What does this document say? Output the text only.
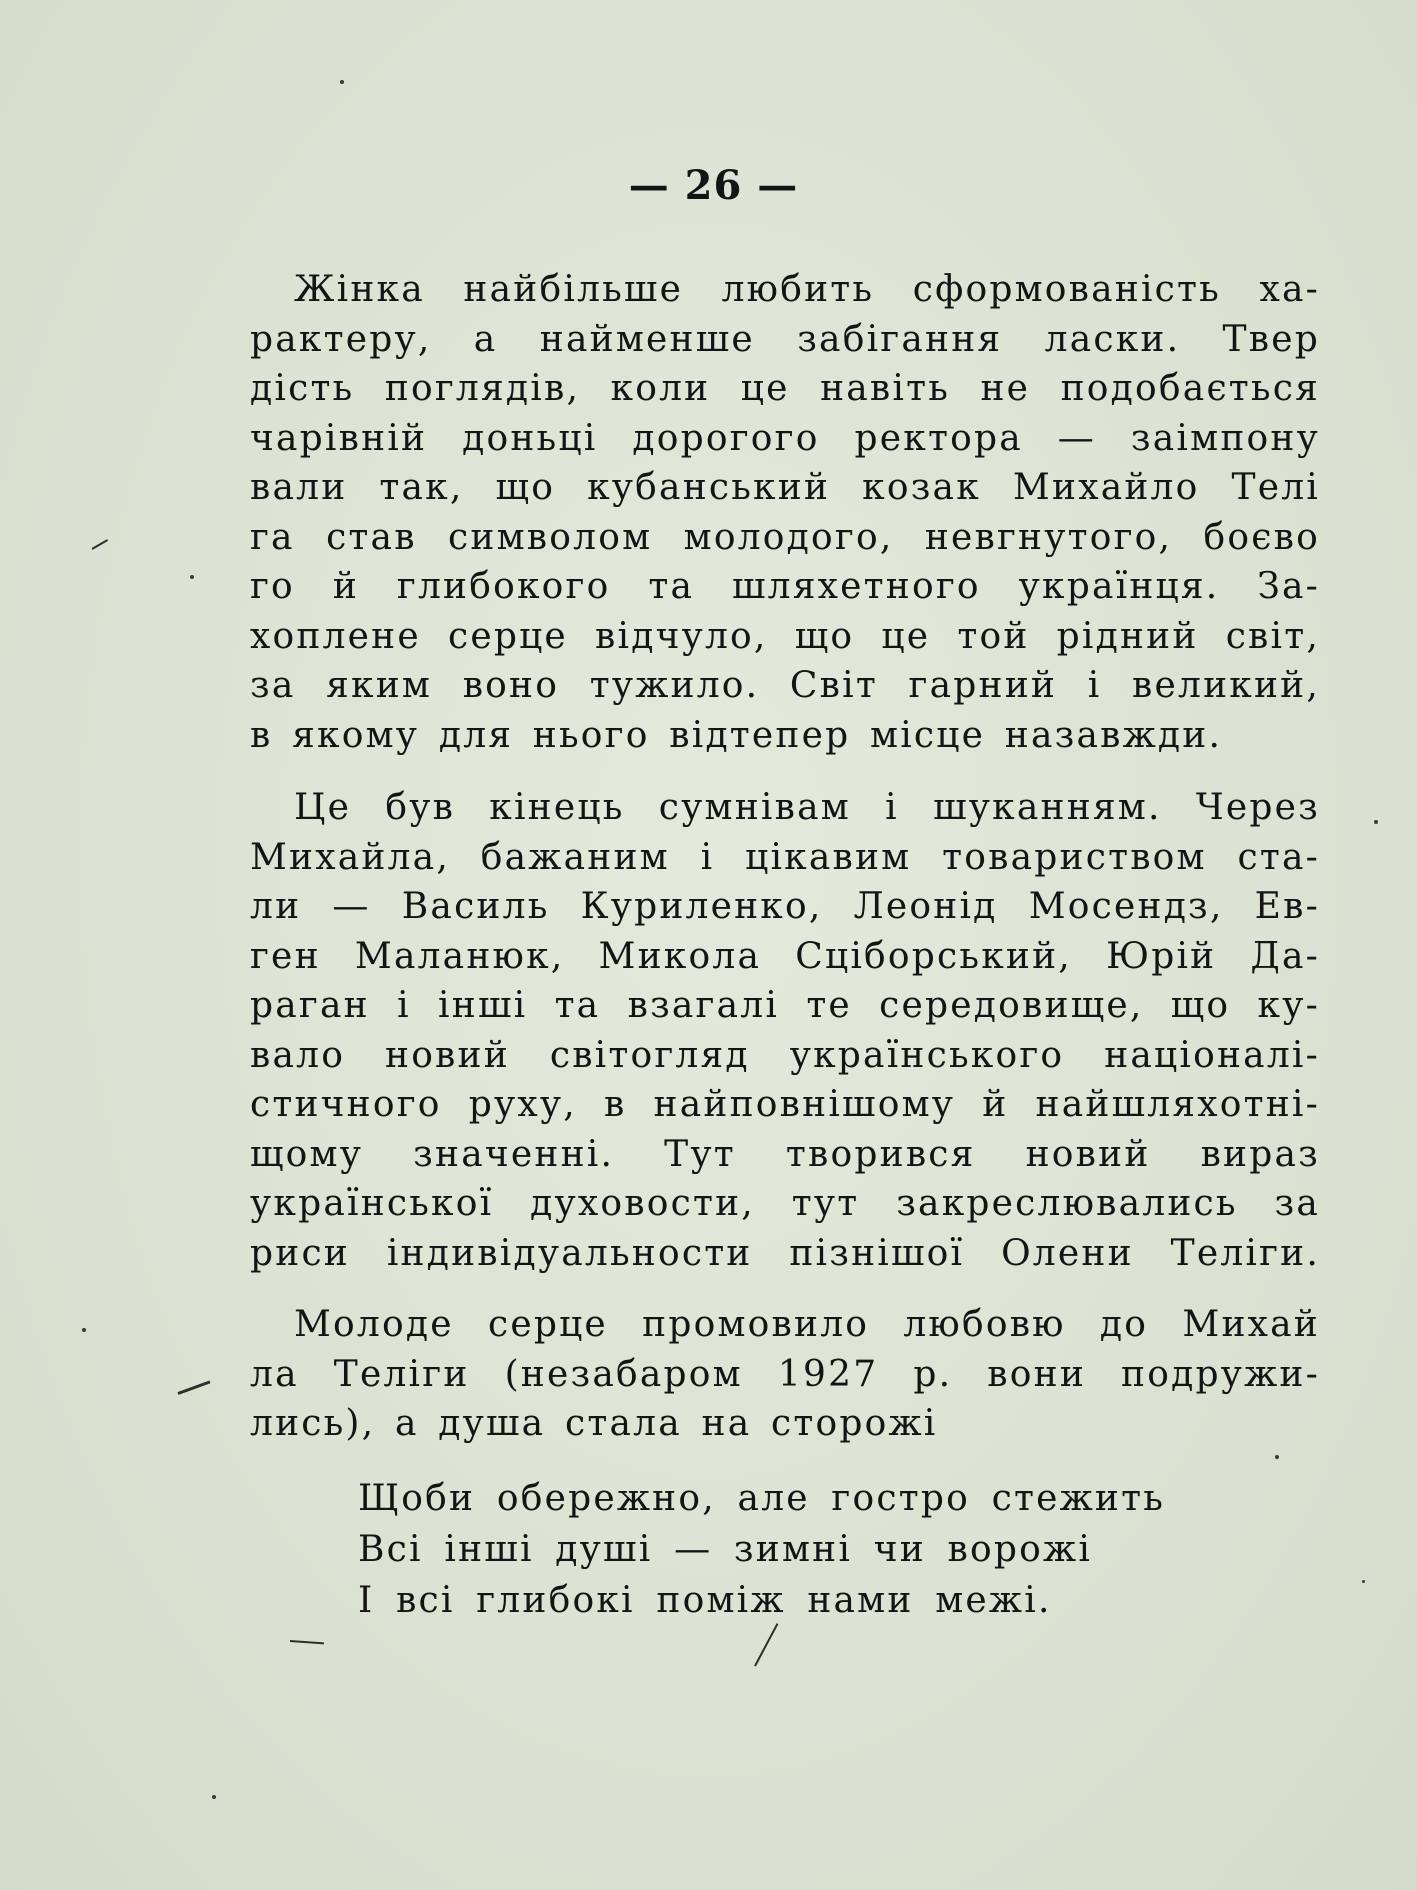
— 26 —
Жінка найбільше любить сформованість ха-
рактеру, а найменше забігання ласки. Твер
дість поглядів, коли це навіть не подобається
чарівній доньці дорогого ректора — заімпону
вали так, що кубанський козак Михайло Телі
га став символом молодого, невгнутого, боєво
го й глибокого та шляхетного українця. За-
хоплене серце відчуло, що це той рідний світ,
за яким воно тужило. Світ гарний і великий,
в якому для нього відтепер місце назавжди.
Це був кінець сумнівам і шуканням. Через
Михайла, бажаним і цікавим товариством ста-
ли — Василь Куриленко, Леонід Мосендз, Ев-
ген Маланюк, Микола Сціборський, Юрій Да-
раган і інші та взагалі те середовище, що ку-
вало новий світогляд українського націоналі-
стичного руху, в найповнішому й найшляхотні-
щому значенні. Тут творився новий вираз
української духовости, тут закреслювались за
риси індивідуальности пізнішої Олени Теліги.
Молоде серце промовило любовю до Михай
ла Теліги (незабаром 1927 р. вони подружи-
лись), а душа стала на сторожі
Щоби обережно, але гостро стежить
Всі інші душі — зимні чи ворожі
І всі глибокі поміж нами межі.
